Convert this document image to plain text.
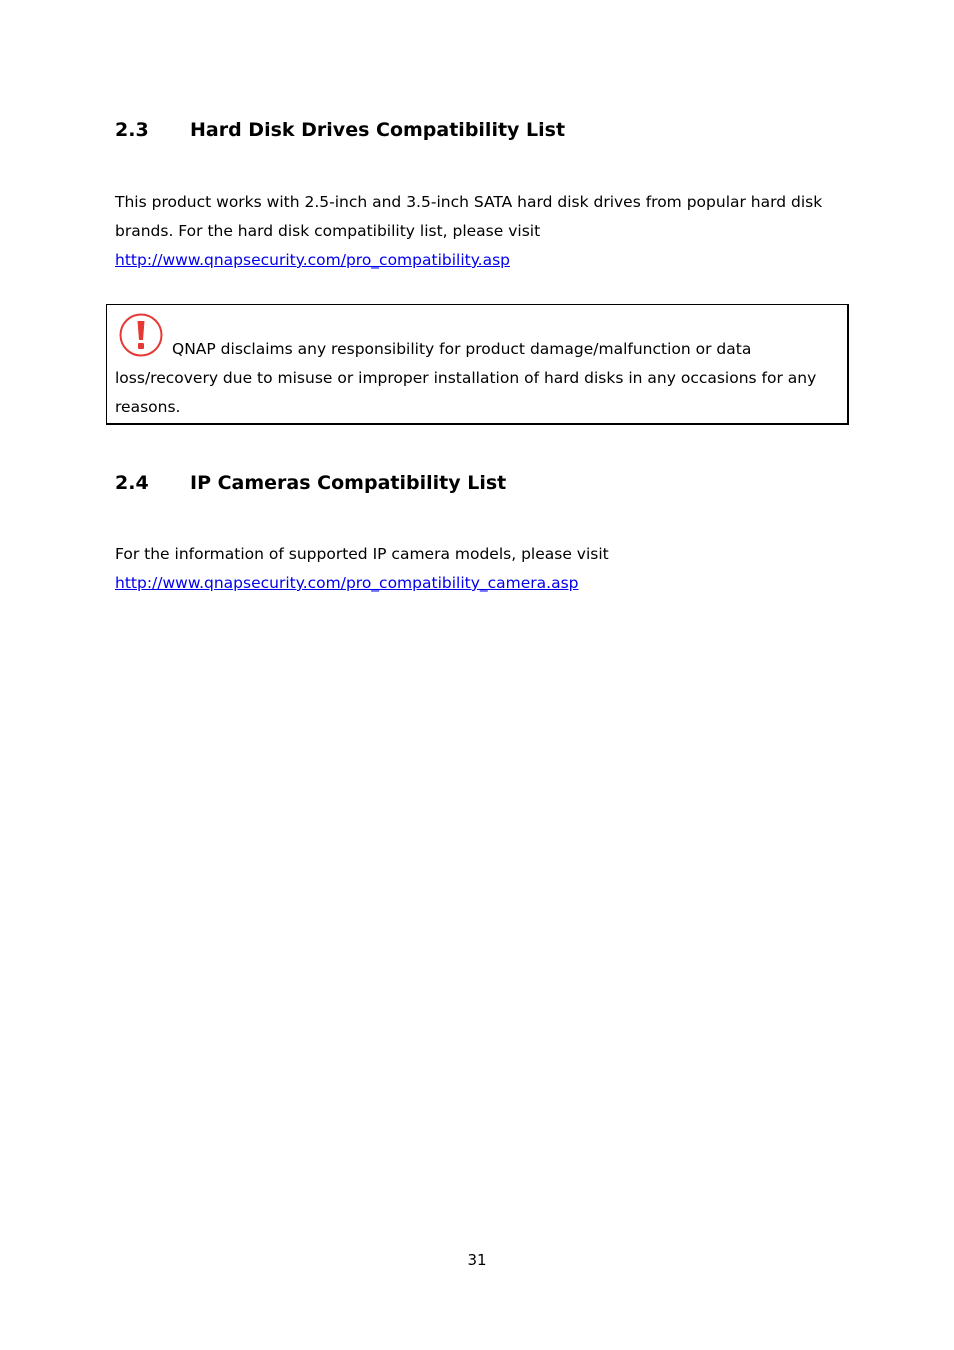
2.3 Hard Disk Drives Compatibility List
This product works with 2.5-inch and 3.5-inch SATA hard disk drives from popular hard disk
brands. For the hard disk compatibility list, please visit
http://www.qnapsecurity.com/pro_compatibility.asp
QNAP disclaims any responsibility for product damage/malfunction or data
loss/recovery due to misuse or improper installation of hard disks in any occasions for any
reasons.
2.4 IP Cameras Compatibility List
For the information of supported IP camera models, please visit
http://www.qnapsecurity.com/pro_compatibility_camera.asp
31
